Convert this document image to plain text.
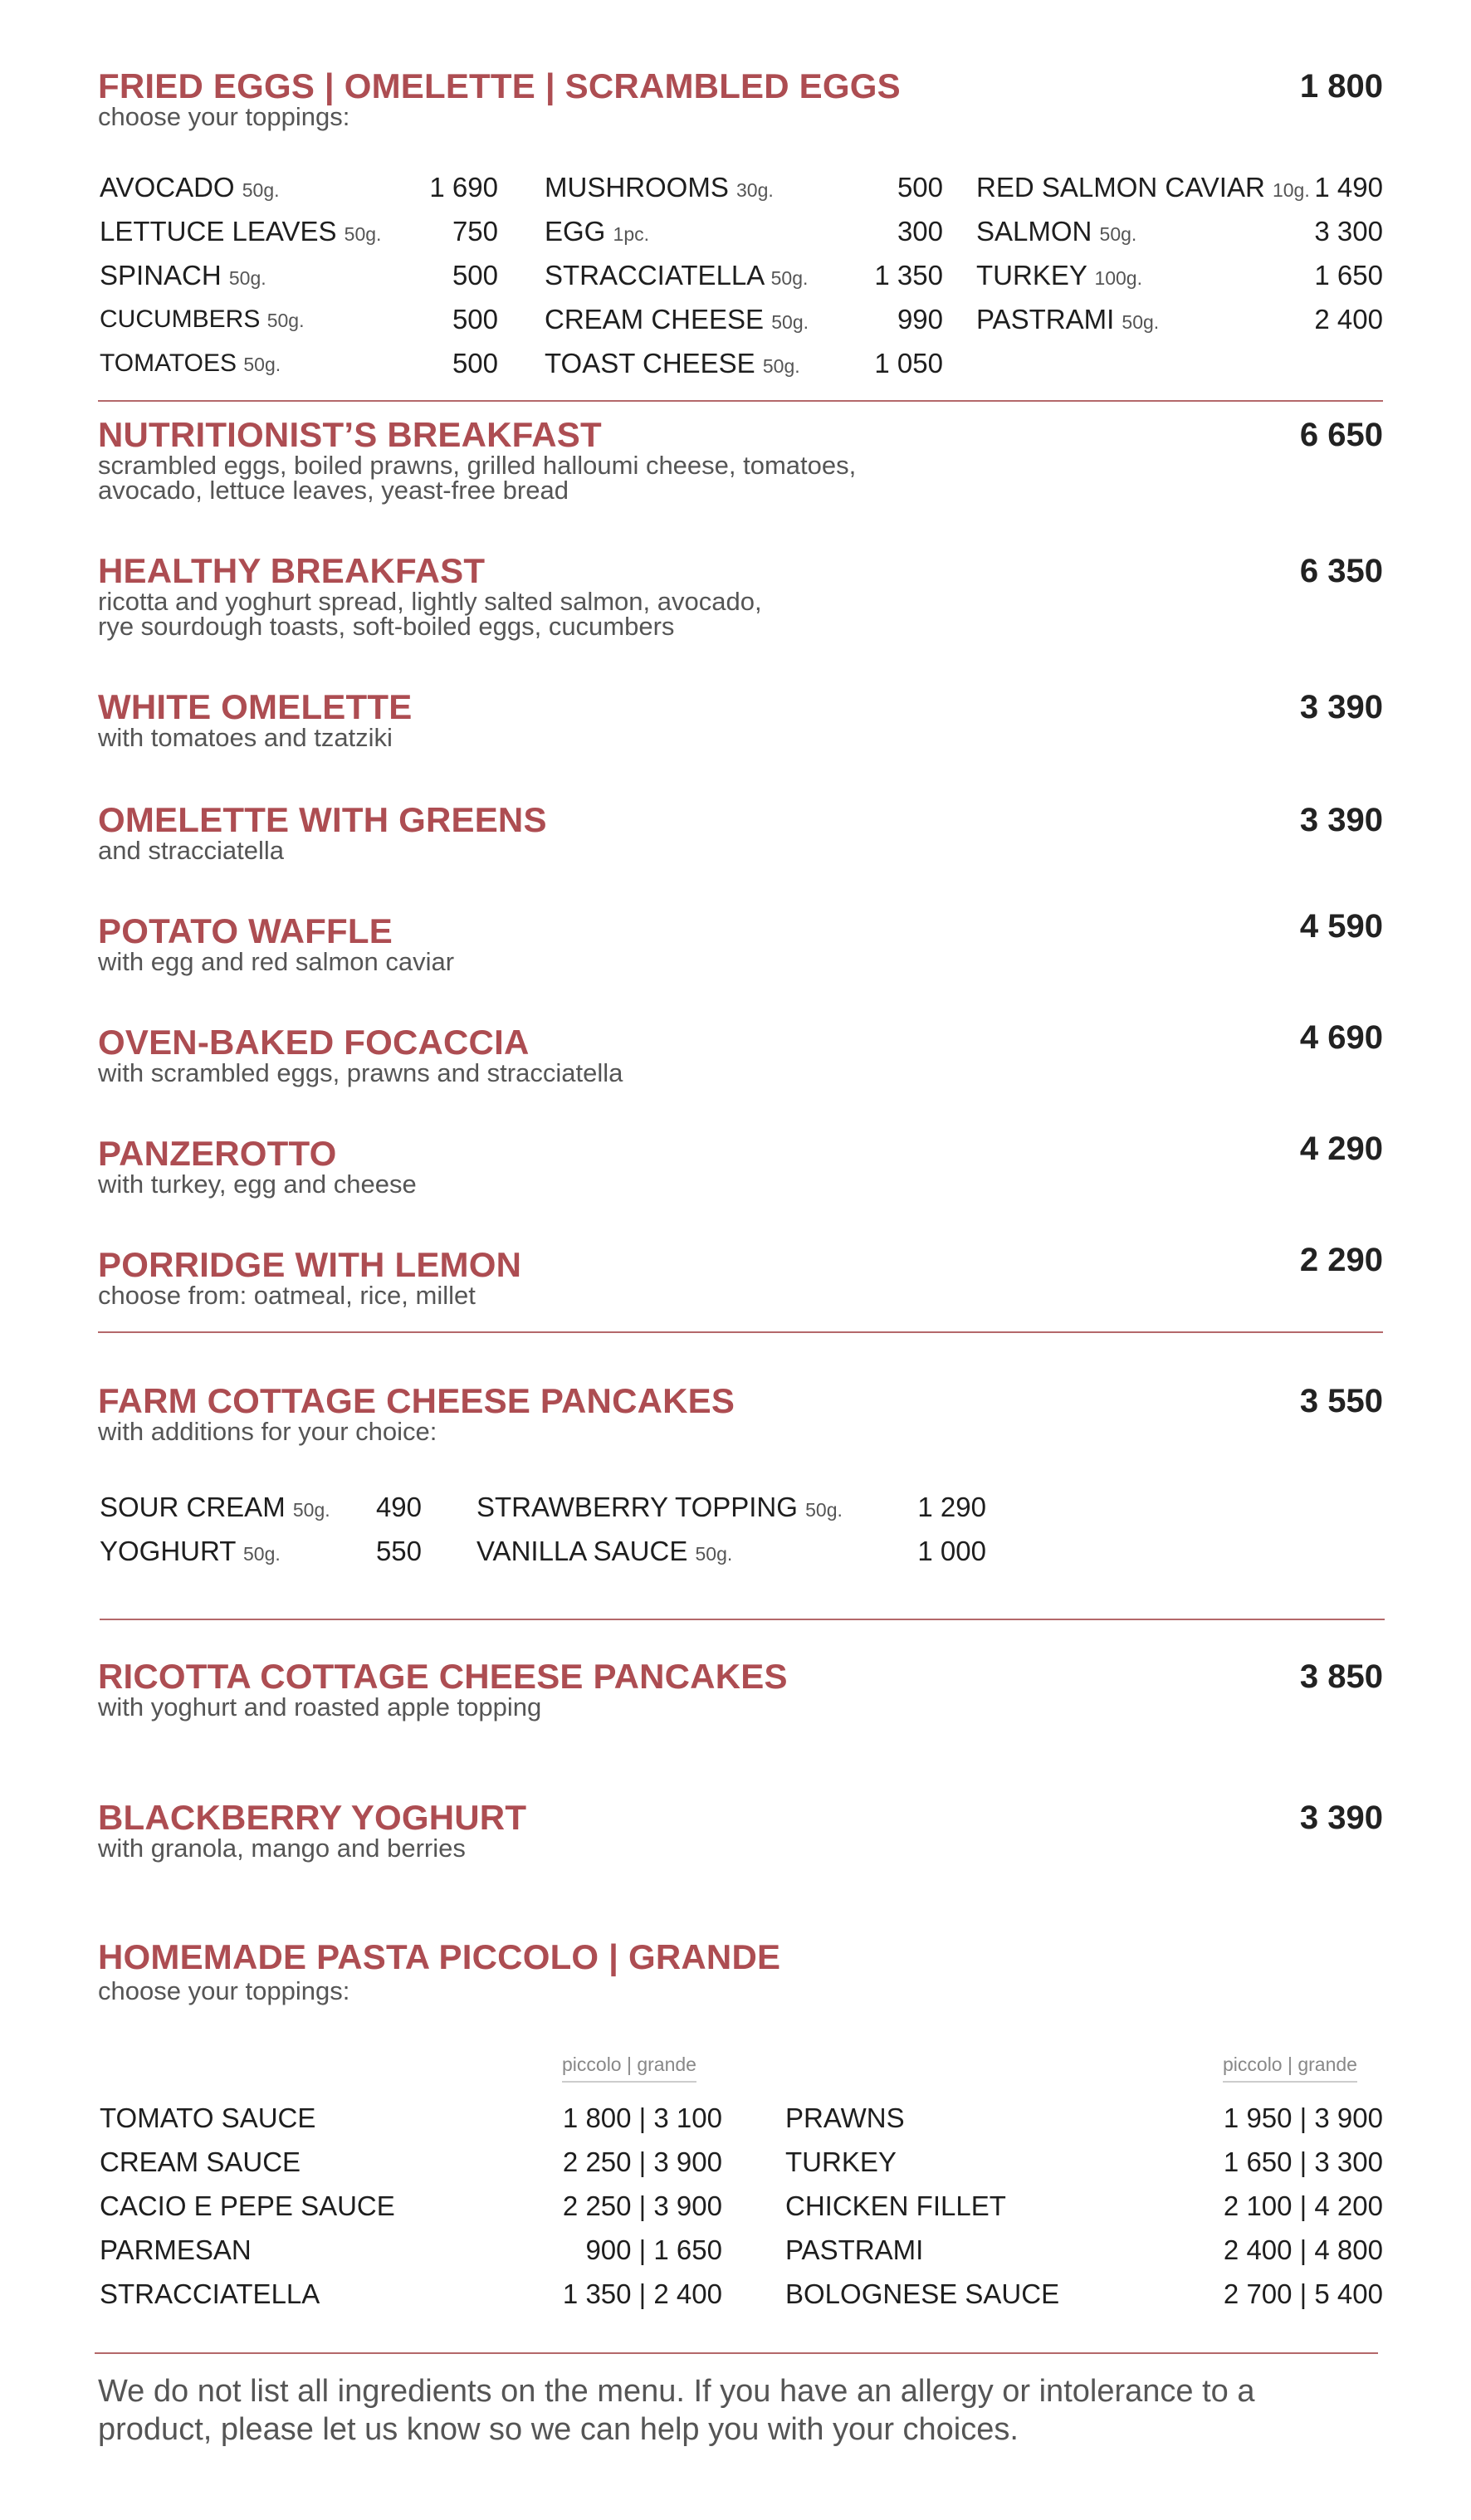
FRIED EGGS | OMELETTE | SCRAMBLED EGGS	1 800
choose your toppings:
AVOCADO 50g.	1 690
LETTUCE LEAVES 50g.	750
SPINACH 50g.	500
CUCUMBERS 50g.	500
TOMATOES 50g.	500
MUSHROOMS 30g.	500
EGG 1pc.	300
STRACCIATELLA 50g. 1 350
CREAM CHEESE 50g.	990
TOAST CHEESE 50g.	1 050
RED SALMON CAVIAR 10g. 1 490
SALMON 50g.	3 300
TURKEY 100g.	1 650
PASTRAMI 50g.	2 400
NUTRITIONIST’S BREAKFAST	6 650
scrambled eggs, boiled prawns, grilled halloumi cheese, tomatoes,
avocado, lettuce leaves, yeast-free bread
HEALTHY BREAKFAST	6 350
ricotta and yoghurt spread, lightly salted salmon, avocado,
rye sourdough toasts, soft-boiled eggs, cucumbers
WHITE OMELETTE	3 390
with tomatoes and tzatziki
OMELETTE WITH GREENS	3 390
and stracciatella
POTATO WAFFLE	4 590
with egg and red salmon caviar
OVEN-BAKED FOCACCIA	4 690
with scrambled eggs, prawns and stracciatella
PANZEROTTO	4 290
with turkey, egg and cheese
PORRIDGE WITH LEMON	2 290
choose from: oatmeal, rice, millet
FARM COTTAGE CHEESE PANCAKES	3 550
with additions for your choice:
SOUR CREAM 50g. 490
YOGHURT 50g.	550
STRAWBERRY TOPPING 50g.	1 290
VANILLA SAUCE 50g.	1 000
RICOTTA COTTAGE CHEESE PANCAKES	3 850
with yoghurt and roasted apple topping
BLACKBERRY YOGHURT	3 390
with granola, mango and berries
HOMEMADE PASTA PICCOLO | GRANDE
choose your toppings:
piccolo | grande	piccolo | grande
TOMATO SAUCE	1 800 | 3 100
CREAM SAUCE	2 250 | 3 900
CACIO E PEPE SAUCE	2 250 | 3 900
PARMESAN	900 | 1 650
STRACCIATELLA	1 350 | 2 400
PRAWNS	1 950 | 3 900
TURKEY	1 650 | 3 300
CHICKEN FILLET	2 100 | 4 200
PASTRAMI	2 400 | 4 800
BOLOGNESE SAUCE	2 700 | 5 400
We do not list all ingredients on the menu. If you have an allergy or intolerance to a
product, please let us know so we can help you with your choices.
